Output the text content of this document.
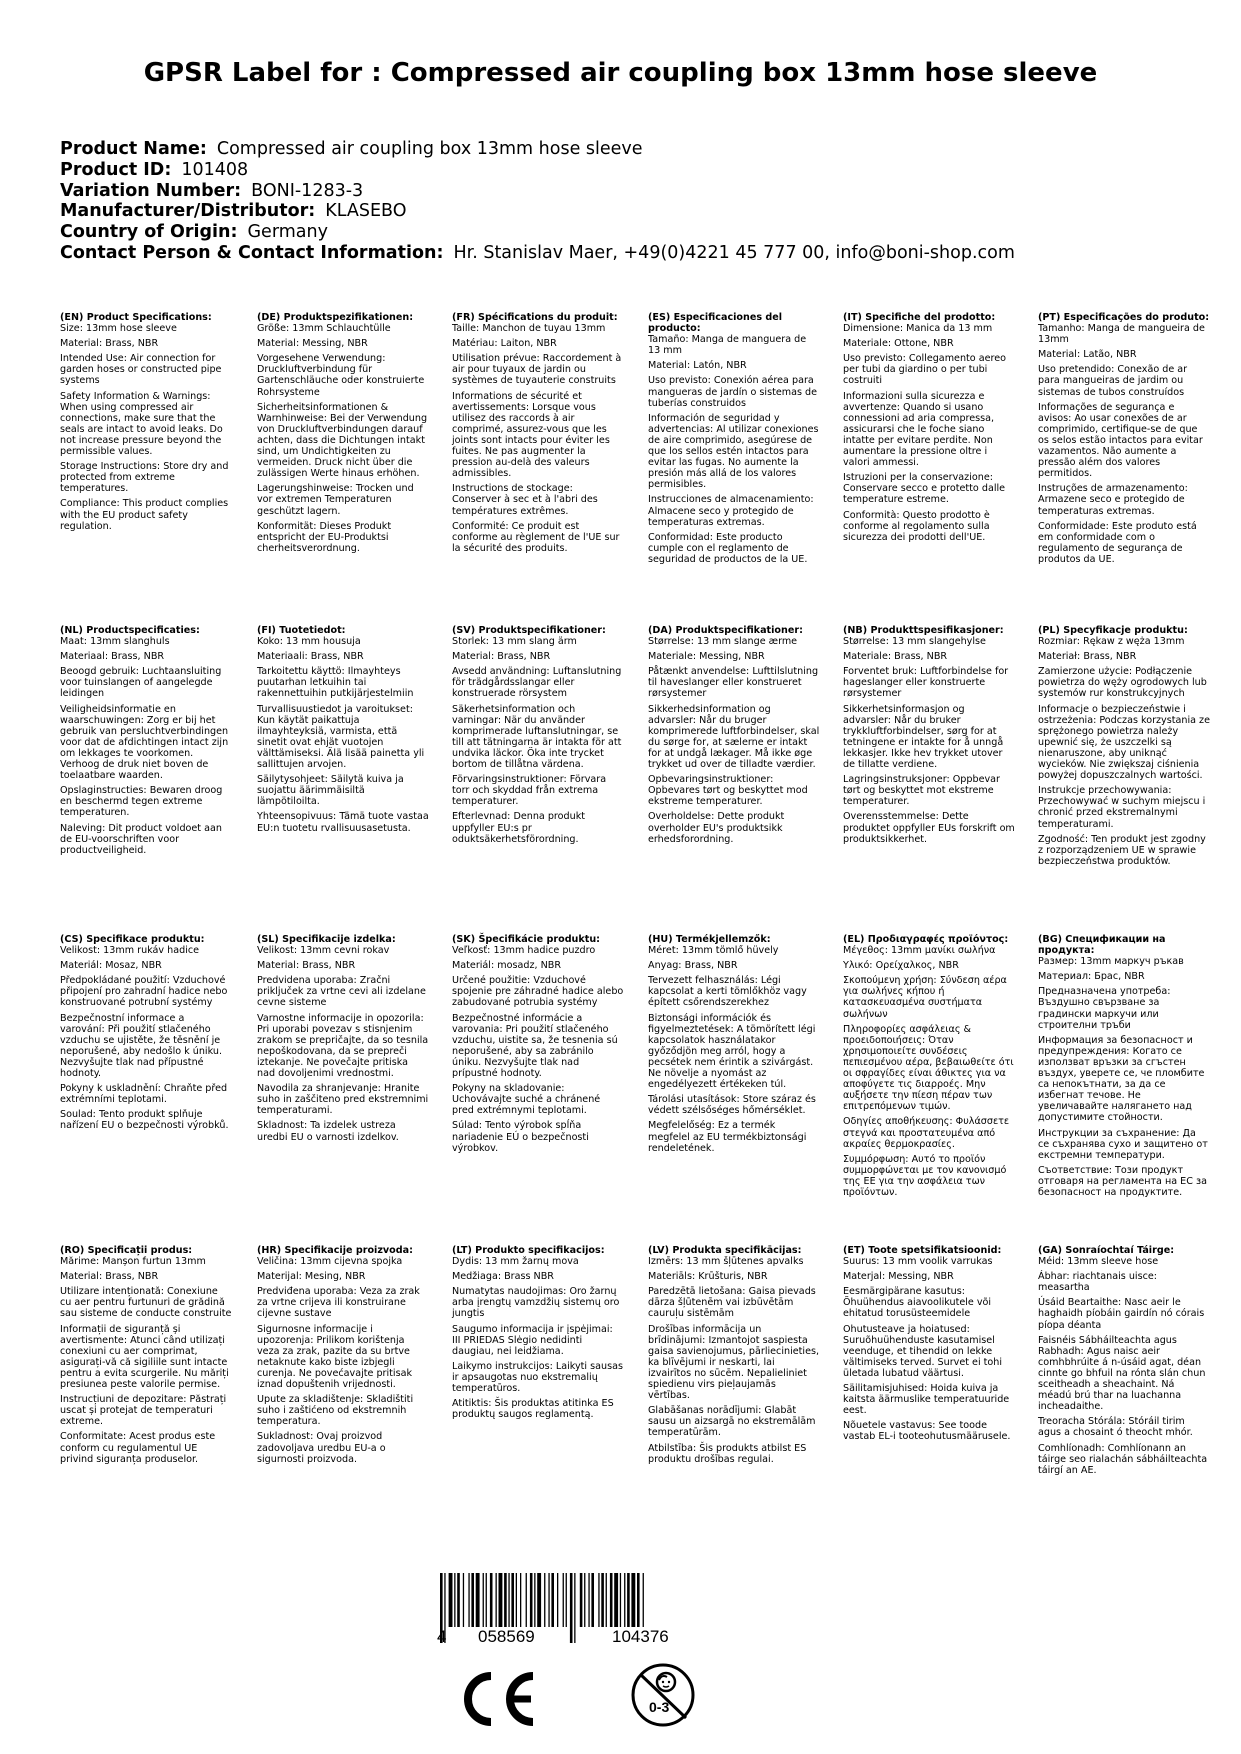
GPSR Label for : Compressed air coupling box 13mm hose sleeve
Product Name: Compressed air coupling box 13mm hose sleeve
Product ID: 101408
Variation Number: BONI-1283-3
Manufacturer/Distributor: KLASEBO
Country of Origin: Germany
Contact Person & Contact Information: Hr. Stanislav Maer, +49(0)4221 45 777 00, info@boni-shop.com
(EN) Product Specifications:

Size: 13mm hose sleeve

Material: Brass, NBR

Intended Use: Air connection for garden hoses or constructed pipe systems

Safety Information & Warnings: When using compressed air connections, make sure that the seals are intact to avoid leaks. Do not increase pressure beyond the permissible values.

Storage Instructions: Store dry and protected from extreme temperatures.

Compliance: This product complies with the EU product safety regulation.

(DE) Produktspezifikationen:

Größe: 13mm Schlauchtülle

Material: Messing, NBR

Vorgesehene Verwendung: Druckluftverbindung für Gartenschläuche oder konstruierte Rohrsysteme

Sicherheitsinformationen & Warnhinweise: Bei der Verwendung von Druckluftverbindungen darauf achten, dass die Dichtungen intakt sind, um Undichtigkeiten zu vermeiden. Druck nicht über die zulässigen Werte hinaus erhöhen.

Lagerungshinweise: Trocken und vor extremen Temperaturen geschützt lagern.

Konformität: Dieses Produkt entspricht der EU-Produktsi cherheitsverordnung.

(FR) Spécifications du produit:

Taille: Manchon de tuyau 13mm

Matériau: Laiton, NBR

Utilisation prévue: Raccordement à air pour tuyaux de jardin ou systèmes de tuyauterie construits

Informations de sécurité et avertissements: Lorsque vous utilisez des raccords à air comprimé, assurez-vous que les joints sont intacts pour éviter les fuites. Ne pas augmenter la pression au-delà des valeurs admissibles.

Instructions de stockage: Conserver à sec et à l'abri des températures extrêmes.

Conformité: Ce produit est conforme au règlement de l'UE sur la sécurité des produits.

(ES) Especificaciones del producto:

Tamaño: Manga de manguera de 13 mm

Material: Latón, NBR

Uso previsto: Conexión aérea para mangueras de jardín o sistemas de tuberías construidos

Información de seguridad y advertencias: Al utilizar conexiones de aire comprimido, asegúrese de que los sellos estén intactos para evitar las fugas. No aumente la presión más allá de los valores permisibles.

Instrucciones de almacenamiento: Almacene seco y protegido de temperaturas extremas.

Conformidad: Este producto cumple con el reglamento de seguridad de productos de la UE.

(IT) Specifiche del prodotto:

Dimensione: Manica da 13 mm

Materiale: Ottone, NBR

Uso previsto: Collegamento aereo per tubi da giardino o per tubi costruiti

Informazioni sulla sicurezza e avvertenze: Quando si usano connessioni ad aria compressa, assicurarsi che le foche siano intatte per evitare perdite. Non aumentare la pressione oltre i valori ammessi.

Istruzioni per la conservazione: Conservare secco e protetto dalle temperature estreme.

Conformità: Questo prodotto è conforme al regolamento sulla sicurezza dei prodotti dell'UE.

(PT) Especificações do produto:

Tamanho: Manga de mangueira de 13mm

Material: Latão, NBR

Uso pretendido: Conexão de ar para mangueiras de jardim ou sistemas de tubos construídos

Informações de segurança e avisos: Ao usar conexões de ar comprimido, certifique-se de que os selos estão intactos para evitar vazamentos. Não aumente a pressão além dos valores permitidos.

Instruções de armazenamento: Armazene seco e protegido de temperaturas extremas.

Conformidade: Este produto está em conformidade com o regulamento de segurança de produtos da UE.

(NL) Productspecificaties:

Maat: 13mm slanghuls

Materiaal: Brass, NBR

Beoogd gebruik: Luchtaansluiting voor tuinslangen of aangelegde leidingen

Veiligheidsinformatie en waarschuwingen: Zorg er bij het gebruik van persluchtverbindingen voor dat de afdichtingen intact zijn om lekkages te voorkomen. Verhoog de druk niet boven de toelaatbare waarden.

Opslaginstructies: Bewaren droog en beschermd tegen extreme temperaturen.

Naleving: Dit product voldoet aan de EU-voorschriften voor productveiligheid.

(FI) Tuotetiedot:

Koko: 13 mm housuja

Materiaali: Brass, NBR

Tarkoitettu käyttö: Ilmayhteys puutarhan letkuihin tai rakennettuihin putkijärjestelmiin

Turvallisuustiedot ja varoitukset: Kun käytät paikattuja ilmayhteyksiä, varmista, että sinetit ovat ehjät vuotojen välttämiseksi. Älä lisää painetta yli sallittujen arvojen.

Säilytysohjeet: Säilytä kuiva ja suojattu äärimmäisiltä lämpötiloilta.

Yhteensopivuus: Tämä tuote vastaa EU:n tuotetu rvallisuusasetusta.

(SV) Produktspecifikationer:

Storlek: 13 mm slang ärm

Material: Brass, NBR

Avsedd användning: Luftanslutning för trädgårdsslangar eller konstruerade rörsystem

Säkerhetsinformation och varningar: När du använder komprimerade luftanslutningar, se till att tätningarna är intakta för att undvika läckor. Öka inte trycket bortom de tillåtna värdena.

Förvaringsinstruktioner: Förvara torr och skyddad från extrema temperaturer.

Efterlevnad: Denna produkt uppfyller EU:s pr oduktsäkerhetsförordning.

(DA) Produktspecifikationer:

Størrelse: 13 mm slange ærme

Materiale: Messing, NBR

Påtænkt anvendelse: Lufttilslutning til haveslanger eller konstrueret rørsystemer

Sikkerhedsinformation og advarsler: Når du bruger komprimerede luftforbindelser, skal du sørge for, at sælerne er intakt for at undgå lækager. Må ikke øge trykket ud over de tilladte værdier.

Opbevaringsinstruktioner: Opbevares tørt og beskyttet mod ekstreme temperaturer.

Overholdelse: Dette produkt overholder EU's produktsikk erhedsforordning.

(NB) Produkttspesifikasjoner:

Størrelse: 13 mm slangehylse

Materiale: Brass, NBR

Forventet bruk: Luftforbindelse for hageslanger eller konstruerte rørsystemer

Sikkerhetsinformasjon og advarsler: Når du bruker trykkluftforbindelser, sørg for at tetningene er intakte for å unngå lekkasjer. Ikke hev trykket utover de tillatte verdiene.

Lagringsinstruksjoner: Oppbevar tørt og beskyttet mot ekstreme temperaturer.

Overensstemmelse: Dette produktet oppfyller EUs forskrift om produktsikkerhet.

(PL) Specyfikacje produktu:

Rozmiar: Rękaw z węża 13mm

Materiał: Brass, NBR

Zamierzone użycie: Podłączenie powietrza do węży ogrodowych lub systemów rur konstrukcyjnych

Informacje o bezpieczeństwie i ostrzeżenia: Podczas korzystania ze sprężonego powietrza należy upewnić się, że uszczelki są nienaruszone, aby uniknąć wycieków. Nie zwiększaj ciśnienia powyżej dopuszczalnych wartości.

Instrukcje przechowywania: Przechowywać w suchym miejscu i chronić przed ekstremalnymi temperaturami.

Zgodność: Ten produkt jest zgodny z rozporządzeniem UE w sprawie bezpieczeństwa produktów.

(CS) Specifikace produktu:

Velikost: 13mm rukáv hadice

Materiál: Mosaz, NBR

Předpokládané použití: Vzduchové připojení pro zahradní hadice nebo konstruované potrubní systémy

Bezpečnostní informace a varování: Při použití stlačeného vzduchu se ujistěte, že těsnění je neporušené, aby nedošlo k úniku. Nezvyšujte tlak nad přípustné hodnoty.

Pokyny k uskladnění: Chraňte před extrémními teplotami.

Soulad: Tento produkt splňuje nařízení EU o bezpečnosti výrobků.

(SL) Specifikacije izdelka:

Velikost: 13mm cevni rokav

Material: Brass, NBR

Predvidena uporaba: Zračni priključek za vrtne cevi ali izdelane cevne sisteme

Varnostne informacije in opozorila: Pri uporabi povezav s stisnjenim zrakom se prepričajte, da so tesnila nepoškodovana, da se prepreči iztekanje. Ne povečajte pritiska nad dovoljenimi vrednostmi.

Navodila za shranjevanje: Hranite suho in zaščiteno pred ekstremnimi temperaturami.

Skladnost: Ta izdelek ustreza uredbi EU o varnosti izdelkov.

(SK) Špecifikácie produktu:

Veľkosť: 13mm hadice puzdro

Materiál: mosadz, NBR

Určené použitie: Vzduchové spojenie pre záhradné hadice alebo zabudované potrubia systémy

Bezpečnostné informácie a varovania: Pri použití stlačeného vzduchu, uistite sa, že tesnenia sú neporušené, aby sa zabránilo úniku. Nezvyšujte tlak nad prípustné hodnoty.

Pokyny na skladovanie: Uchovávajte suché a chránené pred extrémnymi teplotami.

Súlad: Tento výrobok spĺňa nariadenie EÚ o bezpečnosti výrobkov.

(HU) Termékjellemzők:

Méret: 13mm tömlő hüvely

Anyag: Brass, NBR

Tervezett felhasználás: Légi kapcsolat a kerti tömlőkhöz vagy épített csőrendszerekhez

Biztonsági információk és figyelmeztetések: A tömörített légi kapcsolatok használatakor győződjön meg arról, hogy a pecsétek nem érintik a szivárgást. Ne növelje a nyomást az engedélyezett értékeken túl.

Tárolási utasítások: Store száraz és védett szélsőséges hőmérséklet.

Megfelelőség: Ez a termék megfelel az EU termékbiztonsági rendeletének.

(EL) Προδιαγραφές προϊόντος:

Μέγεθος: 13mm μανίκι σωλήνα

Υλικό: Ορείχαλκος, NBR

Σκοπούμενη χρήση: Σύνδεση αέρα για σωλήνες κήπου ή κατασκευασμένα συστήματα σωλήνων

Πληροφορίες ασφάλειας & προειδοποιήσεις: Όταν χρησιμοποιείτε συνδέσεις πεπιεσμένου αέρα, βεβαιωθείτε ότι οι σφραγίδες είναι άθικτες για να αποφύγετε τις διαρροές. Μην αυξήσετε την πίεση πέραν των επιτρεπόμενων τιμών.

Οδηγίες αποθήκευσης: Φυλάσσετε στεγνά και προστατευμένα από ακραίες θερμοκρασίες.

Συμμόρφωση: Αυτό το προϊόν συμμορφώνεται με τον κανονισμό της ΕΕ για την ασφάλεια των προϊόντων.

(BG) Спецификации на продукта:

Размер: 13mm маркуч ръкав

Материал: Брас, NBR

Предназначена употреба: Въздушно свързване за градински маркучи или строителни тръби

Информация за безопасност и предупреждения: Когато се използват връзки за сгъстен въздух, уверете се, че пломбите са непокътнати, за да се избегнат течове. Не увеличавайте налягането над допустимите стойности.

Инструкции за съхранение: Да се съхранява сухо и защитено от екстремни температури.

Съответствие: Този продукт отговаря на регламента на ЕС за безопасност на продуктите.

(RO) Specificații produs:

Mărime: Manșon furtun 13mm

Material: Brass, NBR

Utilizare intenționată: Conexiune cu aer pentru furtunuri de grădină sau sisteme de conducte construite

Informații de siguranță și avertismente: Atunci când utilizați conexiuni cu aer comprimat, asigurați-vă că sigiliile sunt intacte pentru a evita scurgerile. Nu măriți presiunea peste valorile permise.

Instrucțiuni de depozitare: Păstrați uscat și protejat de temperaturi extreme.

Conformitate: Acest produs este conform cu regulamentul UE privind siguranța produselor.

(HR) Specifikacije proizvoda:

Veličina: 13mm cijevna spojka

Materijal: Mesing, NBR

Predviđena uporaba: Veza za zrak za vrtne crijeva ili konstruirane cijevne sustave

Sigurnosne informacije i upozorenja: Prilikom korištenja veza za zrak, pazite da su brtve netaknute kako biste izbjegli curenja. Ne povećavajte pritisak iznad dopuštenih vrijednosti.

Upute za skladištenje: Skladištiti suho i zaštićeno od ekstremnih temperatura.

Sukladnost: Ovaj proizvod zadovoljava uredbu EU-a o sigurnosti proizvoda.

(LT) Produkto specifikacijos:

Dydis: 13 mm žarnų mova

Medžiaga: Brass NBR

Numatytas naudojimas: Oro žarnų arba įrengtų vamzdžių sistemų oro jungtis

Saugumo informacija ir įspėjimai: III PRIEDAS Slėgio nedidinti daugiau, nei leidžiama.

Laikymo instrukcijos: Laikyti sausas ir apsaugotas nuo ekstremalių temperatūros.

Atitiktis: Šis produktas atitinka ES produktų saugos reglamentą.

(LV) Produkta specifikācijas:

Izmērs: 13 mm šļūtenes apvalks

Materiāls: Krūšturis, NBR

Paredzētā lietošana: Gaisa pievads dārza šļūtenēm vai izbūvētām cauruļu sistēmām

Drošības informācija un brīdinājumi: Izmantojot saspiesta gaisa savienojumus, pārliecinieties, ka blīvējumi ir neskarti, lai izvairītos no sūcēm. Nepalieliniet spiedienu virs pieļaujamās vērtības.

Glabāšanas norādījumi: Glabāt sausu un aizsargā no ekstremālām temperatūrām.

Atbilstība: Šis produkts atbilst ES produktu drošības regulai.

(ET) Toote spetsifikatsioonid:

Suurus: 13 mm voolik varrukas

Materjal: Messing, NBR

Eesmärgipärane kasutus: Õhuühendus aiavoolikutele või ehitatud torusüsteemidele

Ohutusteave ja hoiatused: Suruõhuühenduste kasutamisel veenduge, et tihendid on lekke vältimiseks terved. Survet ei tohi ületada lubatud väärtusi.

Säilitamisjuhised: Hoida kuiva ja kaitsta äärmuslike temperatuuride eest.

Nõuetele vastavus: See toode vastab EL-i tooteohutusmäärusele.

(GA) Sonraíochtaí Táirge:

Méid: 13mm sleeve hose

Ábhar: riachtanais uisce: measartha

Úsáid Beartaithe: Nasc aeir le haghaidh píobáin gairdín nó córais píopa déanta

Faisnéis Sábháilteachta agus Rabhadh: Agus naisc aeir comhbhrúite á n-úsáid agat, déan cinnte go bhfuil na rónta slán chun sceitheadh a sheachaint. Ná méadú brú thar na luachanna incheadaithe.

Treoracha Stórála: Stóráil tirim agus a chosaint ó theocht mhór.

Comhlíonadh: Comhlíonann an táirge seo rialachán sábháilteachta táirgí an AE.

4 058569	104376
0-3
